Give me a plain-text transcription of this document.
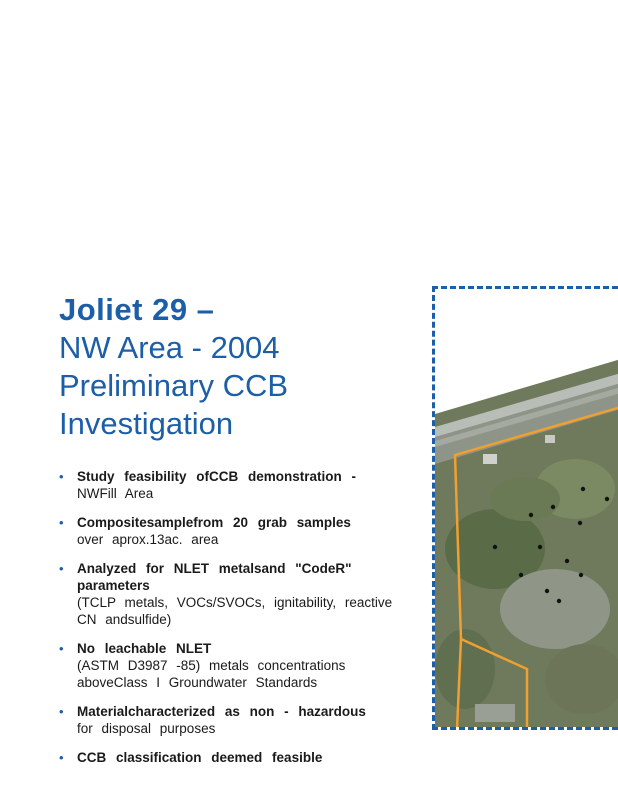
Joliet 29 –
NW Area - 2004
Preliminary CCB
Investigation
• Study feasibility ofCCB demonstration -
NWFill Area
• Compositesamplefrom 20 grab samples
over aprox.13ac. area
• Analyzed for NLET metalsand "CodeR" parameters
(TCLP metals, VOCs/SVOCs, ignitability, reactive CN andsulfide)
• No leachable NLET
(ASTM D3987 -85) metals concentrations aboveClass I Groundwater Standards
• Materialcharacterized as non - hazardous
for disposal purposes
• CCB classification deemed feasible
